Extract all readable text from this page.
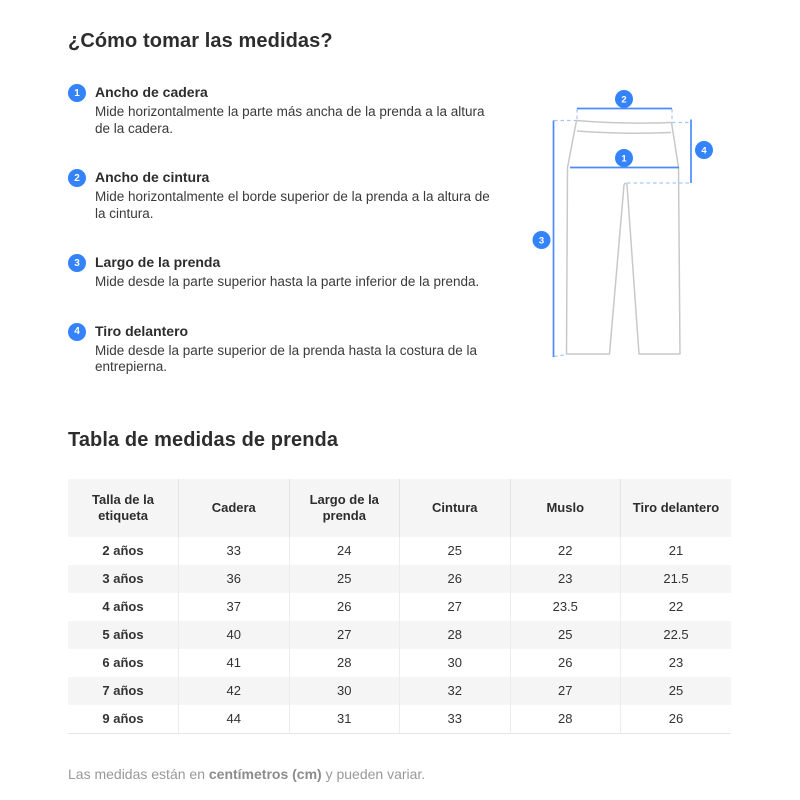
¿Cómo tomar las medidas?
1	Ancho de cadera
Mide horizontalmente la parte más ancha de la prenda a la altura de la cadera.
2	Ancho de cintura
Mide horizontalmente el borde superior de la prenda a la altura de la cintura.
3	Largo de la prenda
Mide desde la parte superior hasta la parte inferior de la prenda.
4	Tiro delantero
Mide desde la parte superior de la prenda hasta la costura de la entrepierna.
2
1
3
4
Tabla de medidas de prenda
Talla de la etiqueta	Cadera	Largo de la prenda	Cintura	Muslo	Tiro delantero
2 años	33	24	25	22	21
3 años	36	25	26	23	21.5
4 años	37	26	27	23.5	22
5 años	40	27	28	25	22.5
6 años	41	28	30	26	23
7 años	42	30	32	27	25
9 años	44	31	33	28	26

Las medidas están en centímetros (cm) y pueden variar.
